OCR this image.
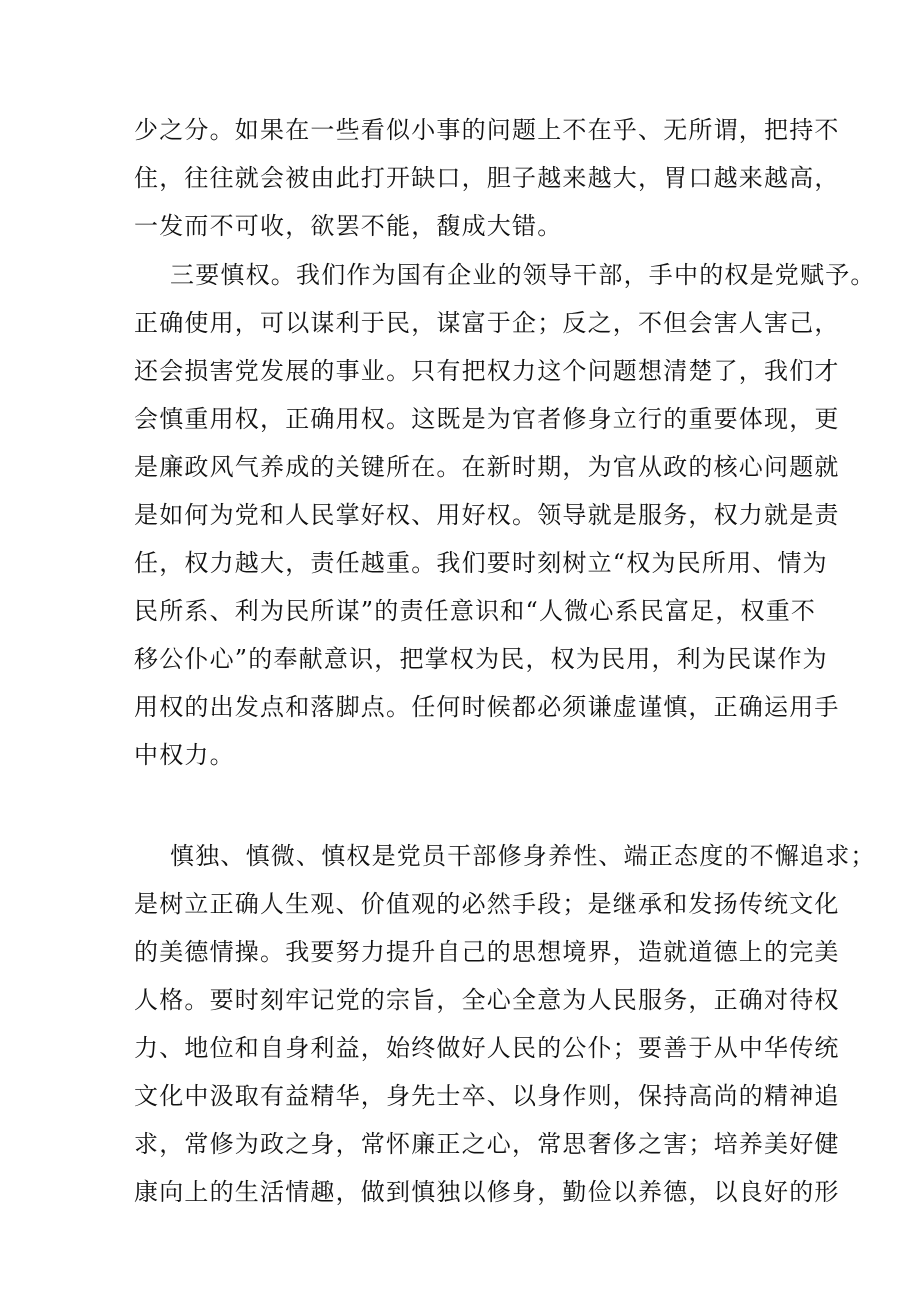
少之分。如果在一些看似小事的问题上不在乎、无所谓，把持不
住，往往就会被由此打开缺口，胆子越来越大，胃口越来越高，
一发而不可收，欲罢不能，馥成大错。
三要慎权。我们作为国有企业的领导干部，手中的权是党赋予。
正确使用，可以谋利于民，谋富于企；反之，不但会害人害己，
还会损害党发展的事业。只有把权力这个问题想清楚了，我们才
会慎重用权，正确用权。这既是为官者修身立行的重要体现，更
是廉政风气养成的关键所在。在新时期，为官从政的核心问题就
是如何为党和人民掌好权、用好权。领导就是服务，权力就是责
任，权力越大，责任越重。我们要时刻树立“权为民所用、情为
民所系、利为民所谋”的责任意识和“人微心系民富足，权重不
移公仆心”的奉献意识，把掌权为民，权为民用，利为民谋作为
用权的出发点和落脚点。任何时候都必须谦虚谨慎，正确运用手
中权力。
慎独、慎微、慎权是党员干部修身养性、端正态度的不懈追求；
是树立正确人生观、价值观的必然手段；是继承和发扬传统文化
的美德情操。我要努力提升自己的思想境界，造就道德上的完美
人格。要时刻牢记党的宗旨，全心全意为人民服务，正确对待权
力、地位和自身利益，始终做好人民的公仆；要善于从中华传统
文化中汲取有益精华，身先士卒、以身作则，保持高尚的精神追
求，常修为政之身，常怀廉正之心，常思奢侈之害；培养美好健
康向上的生活情趣，做到慎独以修身，勤俭以养德，以良好的形
